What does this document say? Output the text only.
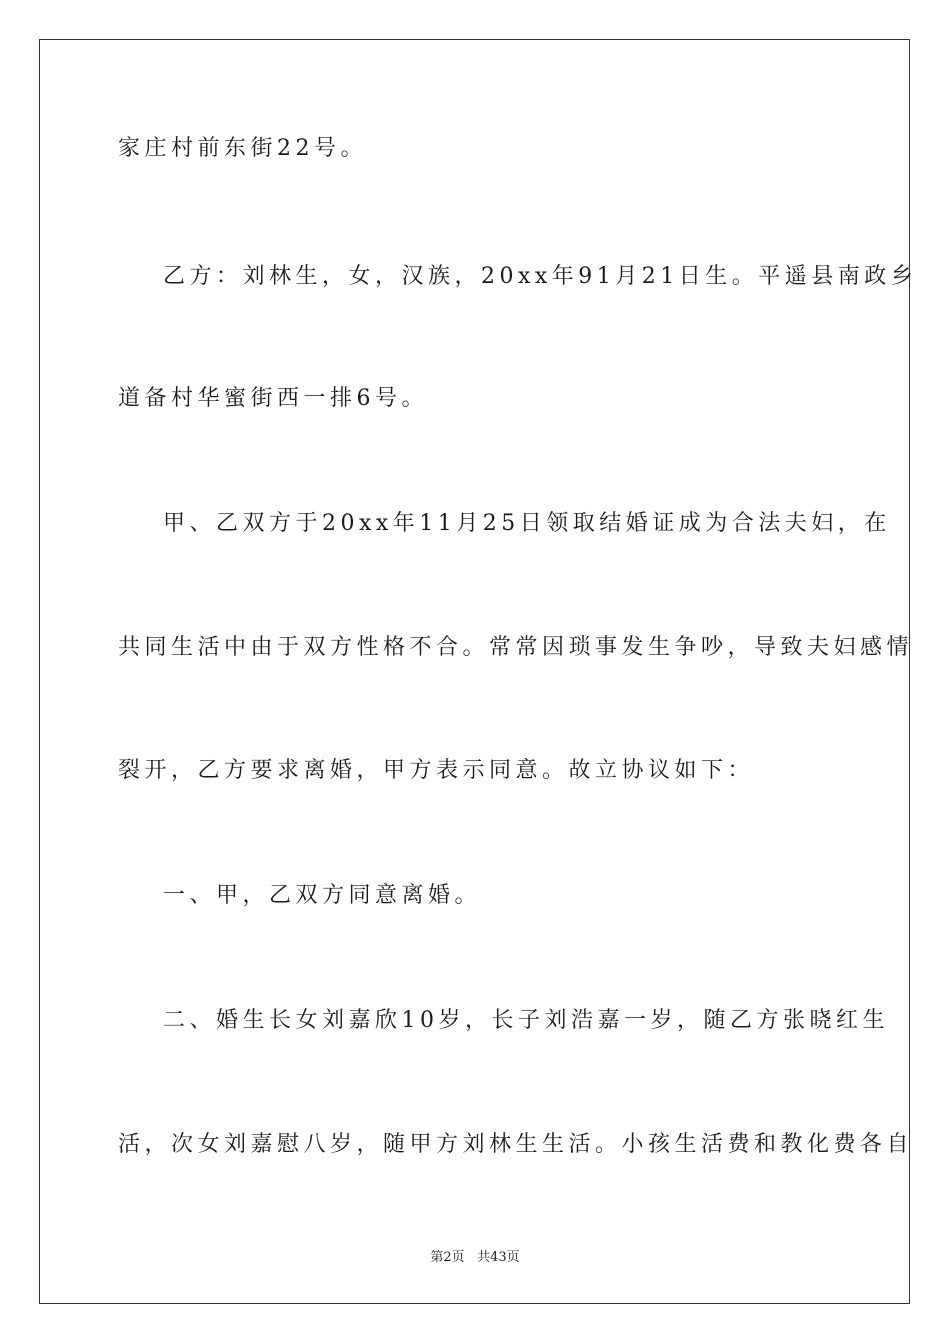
家庄村前东街22号。
乙方：刘林生，女，汉族，20xx年91月21日生。平遥县南政乡
道备村华蜜街西一排6号。
甲、乙双方于20xx年11月25日领取结婚证成为合法夫妇，在
共同生活中由于双方性格不合。常常因琐事发生争吵，导致夫妇感情
裂开，乙方要求离婚，甲方表示同意。故立协议如下：
一、甲，乙双方同意离婚。
二、婚生长女刘嘉欣10岁，长子刘浩嘉一岁，随乙方张晓红生
活，次女刘嘉慰八岁，随甲方刘林生生活。小孩生活费和教化费各自
第2页 共43页
